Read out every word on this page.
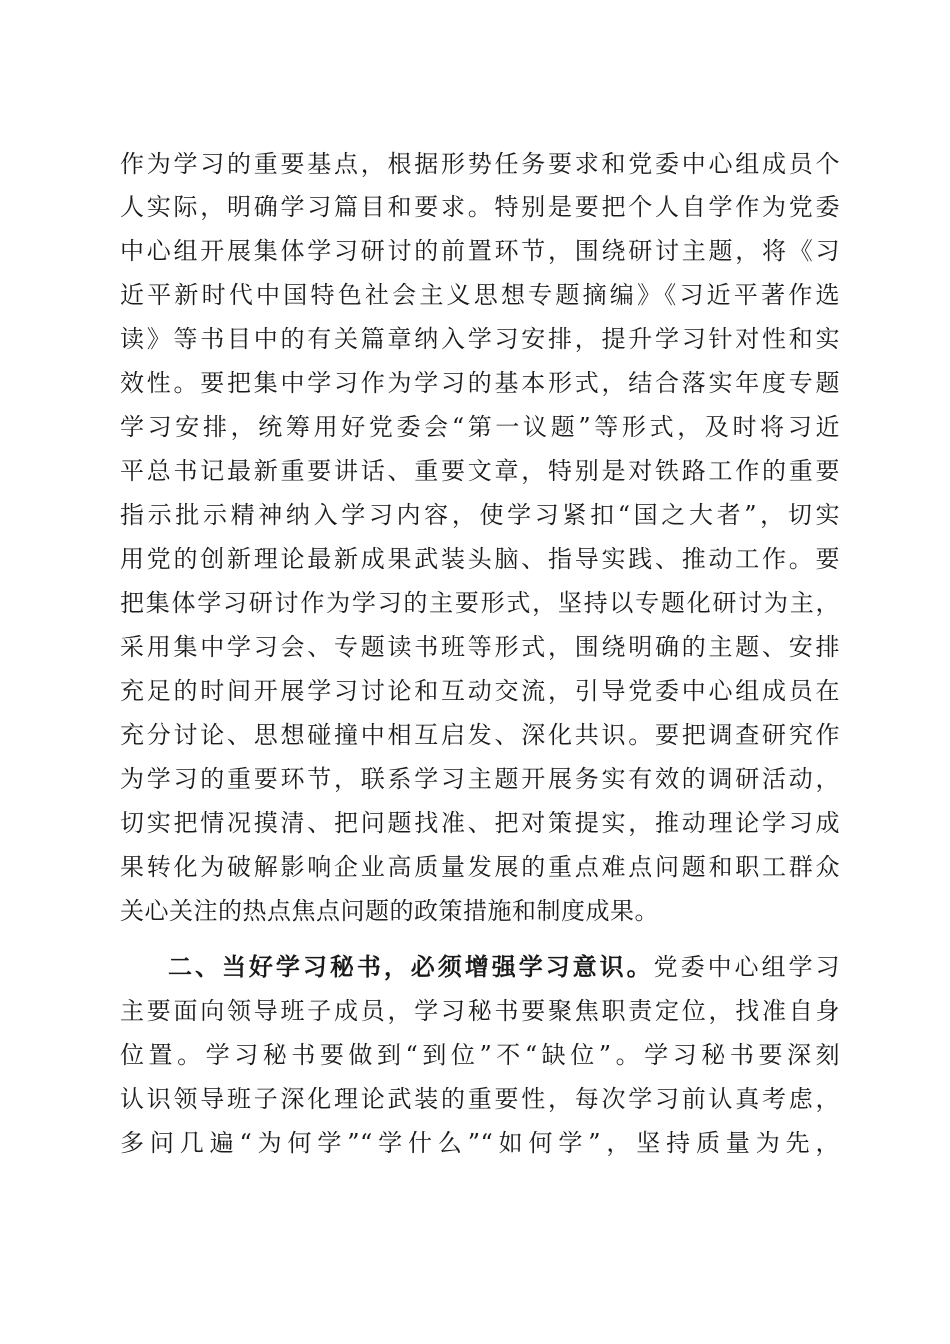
作为学习的重要基点，根据形势任务要求和党委中心组成员个
人实际，明确学习篇目和要求。特别是要把个人自学作为党委
中心组开展集体学习研讨的前置环节，围绕研讨主题，将《习
近平新时代中国特色社会主义思想专题摘编》《习近平著作选
读》等书目中的有关篇章纳入学习安排，提升学习针对性和实
效性。要把集中学习作为学习的基本形式，结合落实年度专题
学习安排，统筹用好党委会“第一议题”等形式，及时将习近
平总书记最新重要讲话、重要文章，特别是对铁路工作的重要
指示批示精神纳入学习内容，使学习紧扣“国之大者”，切实
用党的创新理论最新成果武装头脑、指导实践、推动工作。要
把集体学习研讨作为学习的主要形式，坚持以专题化研讨为主，
采用集中学习会、专题读书班等形式，围绕明确的主题、安排
充足的时间开展学习讨论和互动交流，引导党委中心组成员在
充分讨论、思想碰撞中相互启发、深化共识。要把调查研究作
为学习的重要环节，联系学习主题开展务实有效的调研活动，
切实把情况摸清、把问题找准、把对策提实，推动理论学习成
果转化为破解影响企业高质量发展的重点难点问题和职工群众
关心关注的热点焦点问题的政策措施和制度成果。
二、当好学习秘书，必须增强学习意识。党委中心组学习
主要面向领导班子成员，学习秘书要聚焦职责定位，找准自身
位置。学习秘书要做到“到位”不“缺位”。学习秘书要深刻
认识领导班子深化理论武装的重要性，每次学习前认真考虑，
多问几遍“为何学”“学什么”“如何学”，坚持质量为先，
